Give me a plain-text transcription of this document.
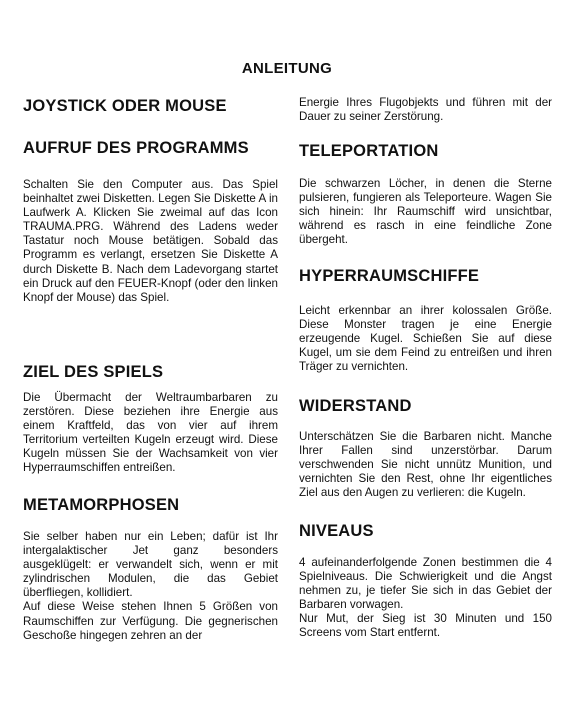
ANLEITUNG
JOYSTICK ODER MOUSE
AUFRUF DES PROGRAMMS

Schalten Sie den Computer aus. Das Spiel beinhaltet zwei Disketten. Legen Sie Diskette A in Laufwerk A. Klicken Sie zweimal auf das Icon TRAUMA.PRG. Während des Ladens weder Tastatur noch Mouse betätigen. Sobald das Programm es verlangt, ersetzen Sie Diskette A durch Diskette B. Nach dem Ladevorgang startet ein Druck auf den FEUER-Knopf (oder den linken Knopf der Mouse) das Spiel.

ZIEL DES SPIELS

Die Übermacht der Weltraumbarbaren zu zerstören. Diese beziehen ihre Energie aus einem Kraftfeld, das von vier auf ihrem Territorium verteilten Kugeln erzeugt wird. Diese Kugeln müssen Sie der Wachsamkeit von vier Hyperraumschiffen entreißen.

METAMORPHOSEN

Sie selber haben nur ein Leben; dafür ist Ihr intergalaktischer Jet ganz besonders ausgeklügelt: er verwandelt sich, wenn er mit zylindrischen Modulen, die das Gebiet überfliegen, kollidiert.

Auf diese Weise stehen Ihnen 5 Größen von Raumschiffen zur Verfügung. Die gegnerischen Geschoße hingegen zehren an der

Energie Ihres Flugobjekts und führen mit der Dauer zu seiner Zerstörung.

TELEPORTATION

Die schwarzen Löcher, in denen die Sterne pulsieren, fungieren als Teleporteure. Wagen Sie sich hinein: Ihr Raumschiff wird unsichtbar, während es rasch in eine feindliche Zone übergeht.

HYPERRAUMSCHIFFE

Leicht erkennbar an ihrer kolossalen Größe. Diese Monster tragen je eine Energie erzeugende Kugel. Schießen Sie auf diese Kugel, um sie dem Feind zu entreißen und ihren Träger zu vernichten.

WIDERSTAND

Unterschätzen Sie die Barbaren nicht. Manche Ihrer Fallen sind unzerstörbar. Darum verschwenden Sie nicht unnütz Munition, und vernichten Sie den Rest, ohne Ihr eigentliches Ziel aus den Augen zu verlieren: die Kugeln.

NIVEAUS

4 aufeinanderfolgende Zonen bestimmen die 4 Spielniveaus. Die Schwierigkeit und die Angst nehmen zu, je tiefer Sie sich in das Gebiet der Barbaren vorwagen.

Nur Mut, der Sieg ist 30 Minuten und 150 Screens vom Start entfernt.
